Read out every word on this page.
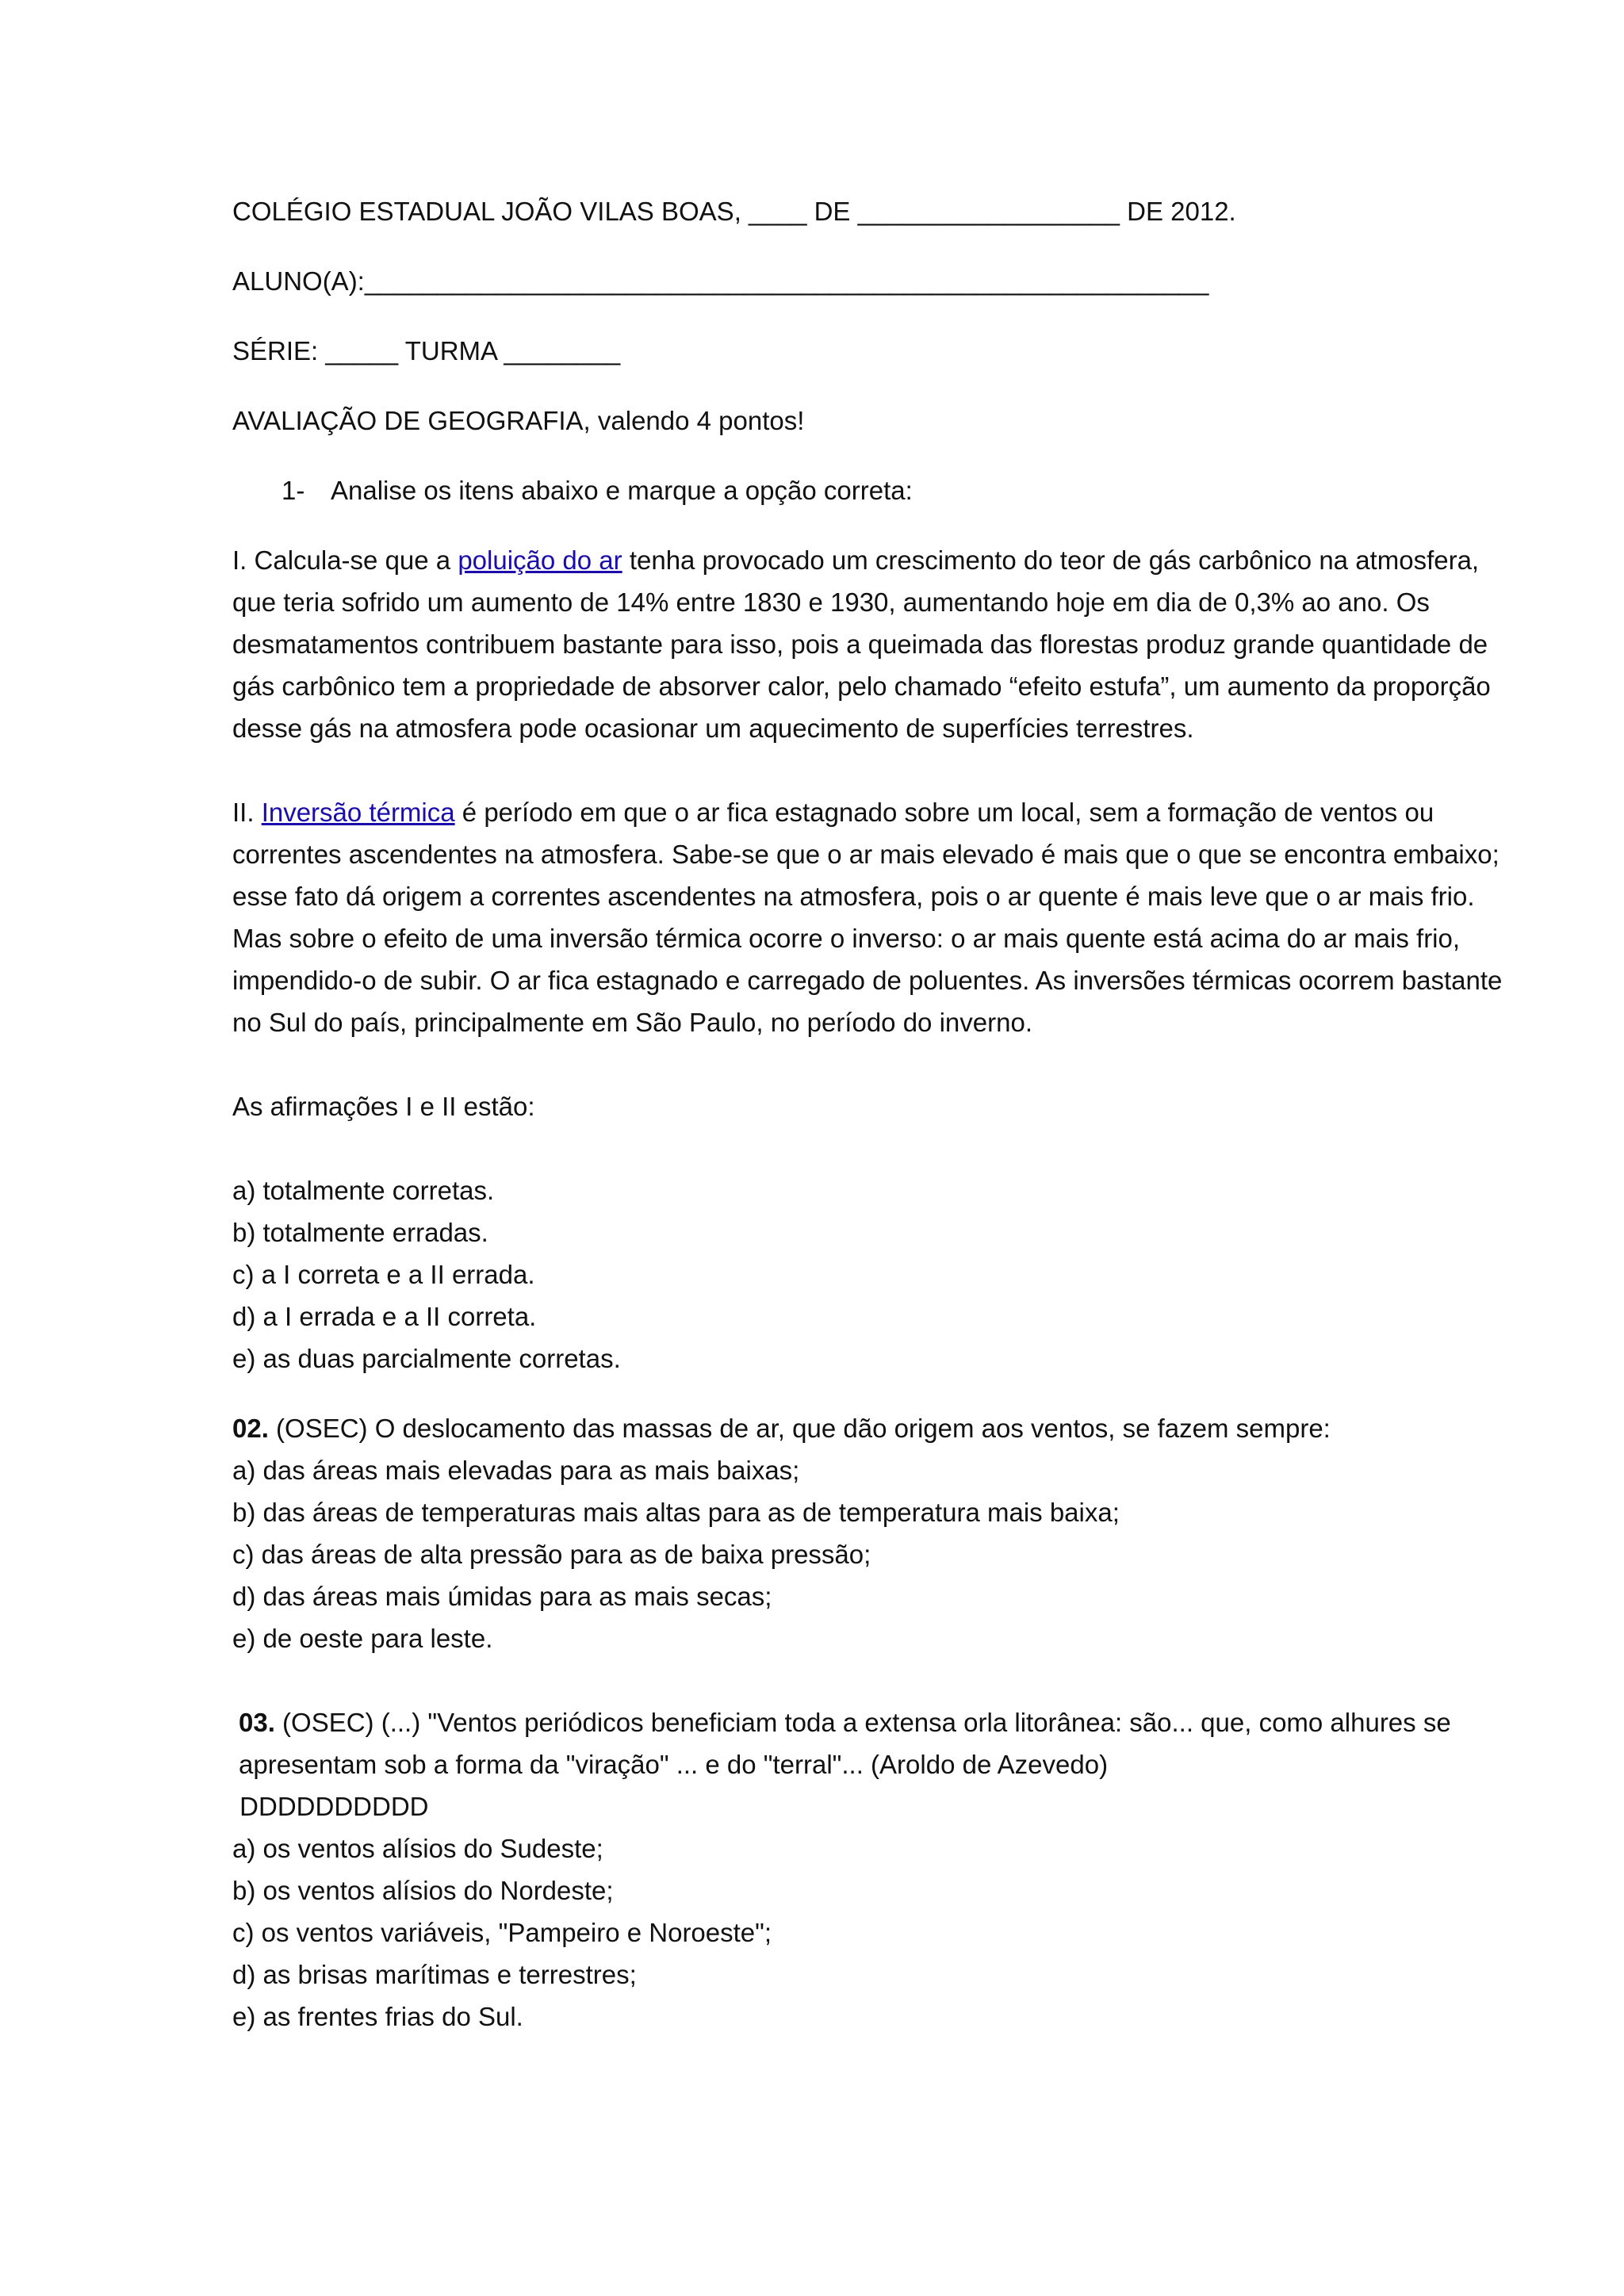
COLÉGIO ESTADUAL JOÃO VILAS BOAS, ____ DE __________________ DE 2012.

ALUNO(A):__________________________________________________________

SÉRIE: _____ TURMA ________

AVALIAÇÃO DE GEOGRAFIA, valendo 4 pontos!

1- Analise os itens abaixo e marque a opção correta:

I. Calcula-se que a poluição do ar tenha provocado um crescimento do teor de gás carbônico na atmosfera, que teria sofrido um aumento de 14% entre 1830 e 1930, aumentando hoje em dia de 0,3% ao ano. Os desmatamentos contribuem bastante para isso, pois a queimada das florestas produz grande quantidade de gás carbônico tem a propriedade de absorver calor, pelo chamado “efeito estufa”, um aumento da proporção desse gás na atmosfera pode ocasionar um aquecimento de superfícies terrestres.

II. Inversão térmica é período em que o ar fica estagnado sobre um local, sem a formação de ventos ou correntes ascendentes na atmosfera. Sabe-se que o ar mais elevado é mais que o que se encontra embaixo; esse fato dá origem a correntes ascendentes na atmosfera, pois o ar quente é mais leve que o ar mais frio. Mas sobre o efeito de uma inversão térmica ocorre o inverso: o ar mais quente está acima do ar mais frio, impendido-o de subir. O ar fica estagnado e carregado de poluentes. As inversões térmicas ocorrem bastante no Sul do país, principalmente em São Paulo, no período do inverno.

As afirmações I e II estão:

a) totalmente corretas.

b) totalmente erradas.

c) a I correta e a II errada.

d) a I errada e a II correta.

e) as duas parcialmente corretas.

02. (OSEC) O deslocamento das massas de ar, que dão origem aos ventos, se fazem sempre:

a) das áreas mais elevadas para as mais baixas;

b) das áreas de temperaturas mais altas para as de temperatura mais baixa;

c) das áreas de alta pressão para as de baixa pressão;

d) das áreas mais úmidas para as mais secas;

e) de oeste para leste.

03. (OSEC) (...) "Ventos periódicos beneficiam toda a extensa orla litorânea: são... que, como alhures se apresentam sob a forma da "viração" ... e do "terral"... (Aroldo de Azevedo)

DDDDDDDDDD

a) os ventos alísios do Sudeste;

b) os ventos alísios do Nordeste;

c) os ventos variáveis, "Pampeiro e Noroeste";

d) as brisas marítimas e terrestres;

e) as frentes frias do Sul.
